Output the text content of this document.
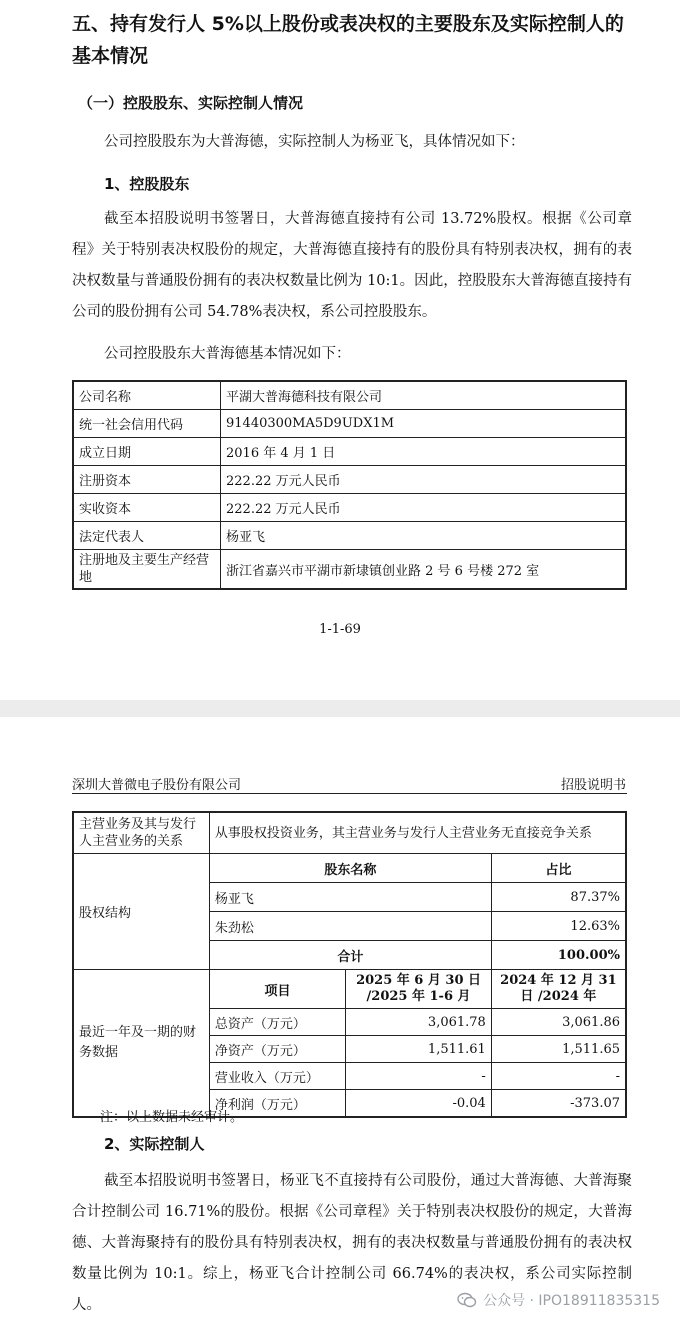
五、持有发行人 5%以上股份或表决权的主要股东及实际控制人的基本情况
（一）控股股东、实际控制人情况

公司控股股东为大普海德，实际控制人为杨亚飞，具体情况如下：

1、控股股东

截至本招股说明书签署日，大普海德直接持有公司 13.72%股权。根据《公司章程》关于特别表决权股份的规定，大普海德直接持有的股份具有特别表决权，拥有的表决权数量与普通股份拥有的表决权数量比例为 10:1。因此，控股股东大普海德直接持有公司的股份拥有公司 54.78%表决权，系公司控股股东。

公司控股股东大普海德基本情况如下：

公司名称	平湖大普海德科技有限公司
统一社会信用代码	91440300MA5D9UDX1M
成立日期	2016 年 4 月 1 日
注册资本	222.22 万元人民币
实收资本	222.22 万元人民币
法定代表人	杨亚飞
注册地及主要生产经营地	浙江省嘉兴市平湖市新埭镇创业路 2 号 6 号楼 272 室
1-1-69
深圳大普微电子股份有限公司	招股说明书
主营业务及其与发行人主营业务的关系	从事股权投资业务，其主营业务与发行人主营业务无直接竞争关系		
股权结构	股东名称		占比
	杨亚飞		87.37%
	朱劲松		12.63%
	合计		100.00%
最近一年及一期的财务数据	项目	2025 年 6 月 30 日 /2025 年 1-6 月	2024 年 12 月 31 日 /2024 年
	总资产（万元）	3,061.78	3,061.86
	净资产（万元）	1,511.61	1,511.65
	营业收入（万元）	-	-
	净利润（万元）	-0.04	-373.07
注：以上数据未经审计。
2、实际控制人

截至本招股说明书签署日，杨亚飞不直接持有公司股份，通过大普海德、大普海聚合计控制公司 16.71%的股份。根据《公司章程》关于特别表决权股份的规定，大普海德、大普海聚持有的股份具有特别表决权，拥有的表决权数量与普通股份拥有的表决权数量比例为 10:1。综上，杨亚飞合计控制公司 66.74%的表决权，系公司实际控制人。	公众号 · IPO18911835315
